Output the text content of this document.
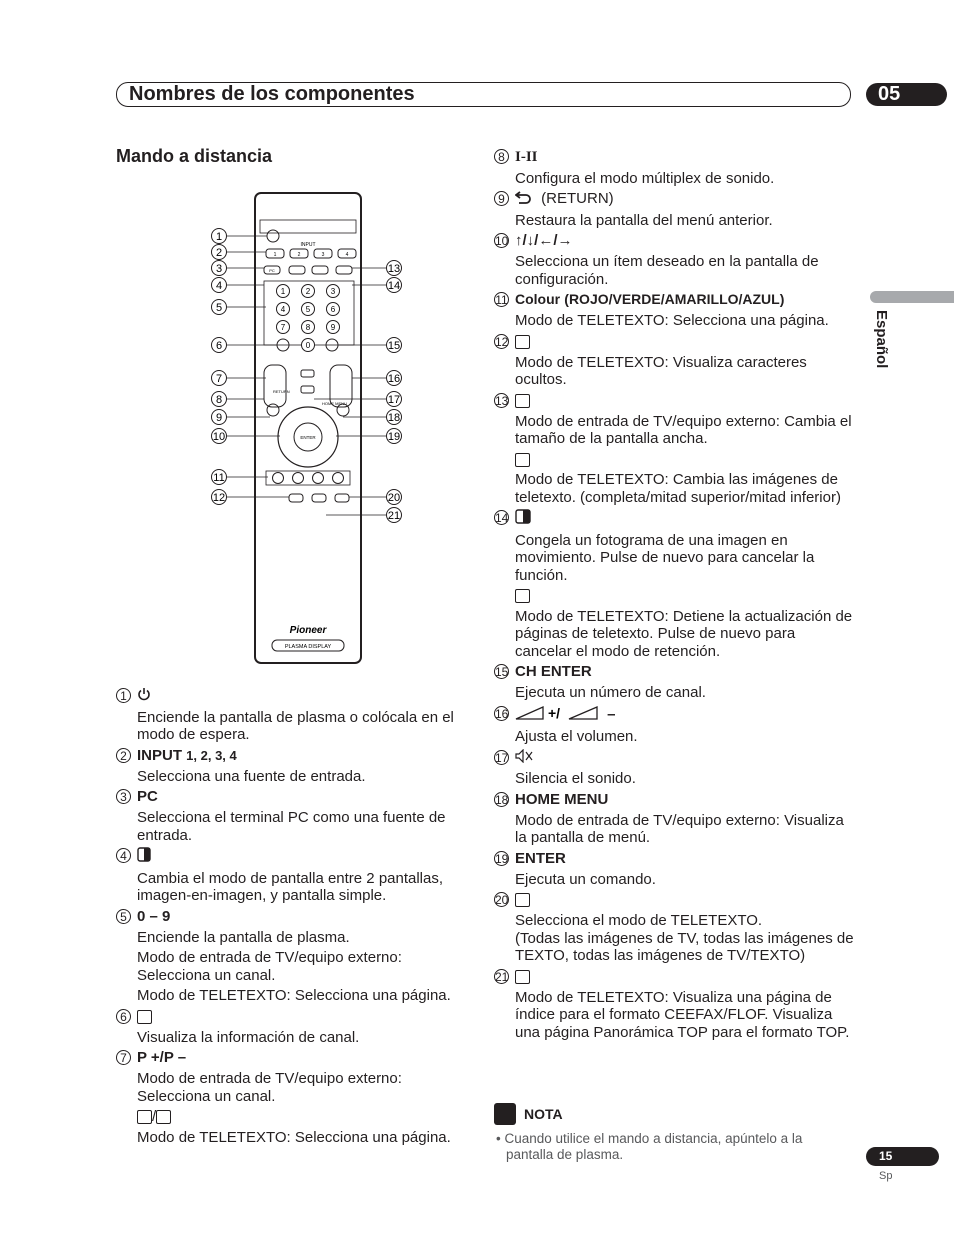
Nombres de los componentes	05
Mando a distancia
Español
INPUT
1	2	3	4
PC
1	2	3
4	5	6
7	8	9
0
RETURN
HOME MENU
ENTER
Pioneer
PLASMA DISPLAY
1
2
3
4
5
6
7
8
9
10
11
12
13
14
15
16
17
18
19
20
21
1

Enciende la pantalla de plasma o colócala en el modo de espera.

2 INPUT 1, 2, 3, 4

Selecciona una fuente de entrada.

3 PC

Selecciona el terminal PC como una fuente de entrada.

4

Cambia el modo de pantalla entre 2 pantallas, imagen-en-imagen, y pantalla simple.

5 0 – 9

Enciende la pantalla de plasma.

Modo de entrada de TV/equipo externo: Selecciona un canal.

Modo de TELETEXTO: Selecciona una página.

6

Visualiza la información de canal.

7 P +/P –

Modo de entrada de TV/equipo externo: Selecciona un canal.

/

Modo de TELETEXTO: Selecciona una página.

8 I-II

Configura el modo múltiplex de sonido.

9 (RETURN)

Restaura la pantalla del menú anterior.

10 ↑/↓/←/→

Selecciona un ítem deseado en la pantalla de configuración.

11 Colour (ROJO/VERDE/AMARILLO/AZUL)

Modo de TELETEXTO: Selecciona una página.

12

Modo de TELETEXTO: Visualiza caracteres ocultos.

13

Modo de entrada de TV/equipo externo: Cambia el tamaño de la pantalla ancha.

Modo de TELETEXTO: Cambia las imágenes de teletexto. (completa/mitad superior/mitad inferior)

14

Congela un fotograma de una imagen en movimiento. Pulse de nuevo para cancelar la función.

Modo de TELETEXTO: Detiene la actualización de páginas de teletexto. Pulse de nuevo para cancelar el modo de retención.

15 CH ENTER

Ejecuta un número de canal.

16	+/	–

Ajusta el volumen.

17

Silencia el sonido.

18 HOME MENU

Modo de entrada de TV/equipo externo: Visualiza la pantalla de menú.

19 ENTER

Ejecuta un comando.

20

Selecciona el modo de TELETEXTO.

(Todas las imágenes de TV, todas las imágenes de TEXTO, todas las imágenes de TV/TEXTO)

21

Modo de TELETEXTO: Visualiza una página de índice para el formato CEEFAX/FLOF. Visualiza una página Panorámica TOP para el formato TOP.

NOTA
• Cuando utilice el mando a distancia, apúntelo a la pantalla de plasma.	15
Sp
